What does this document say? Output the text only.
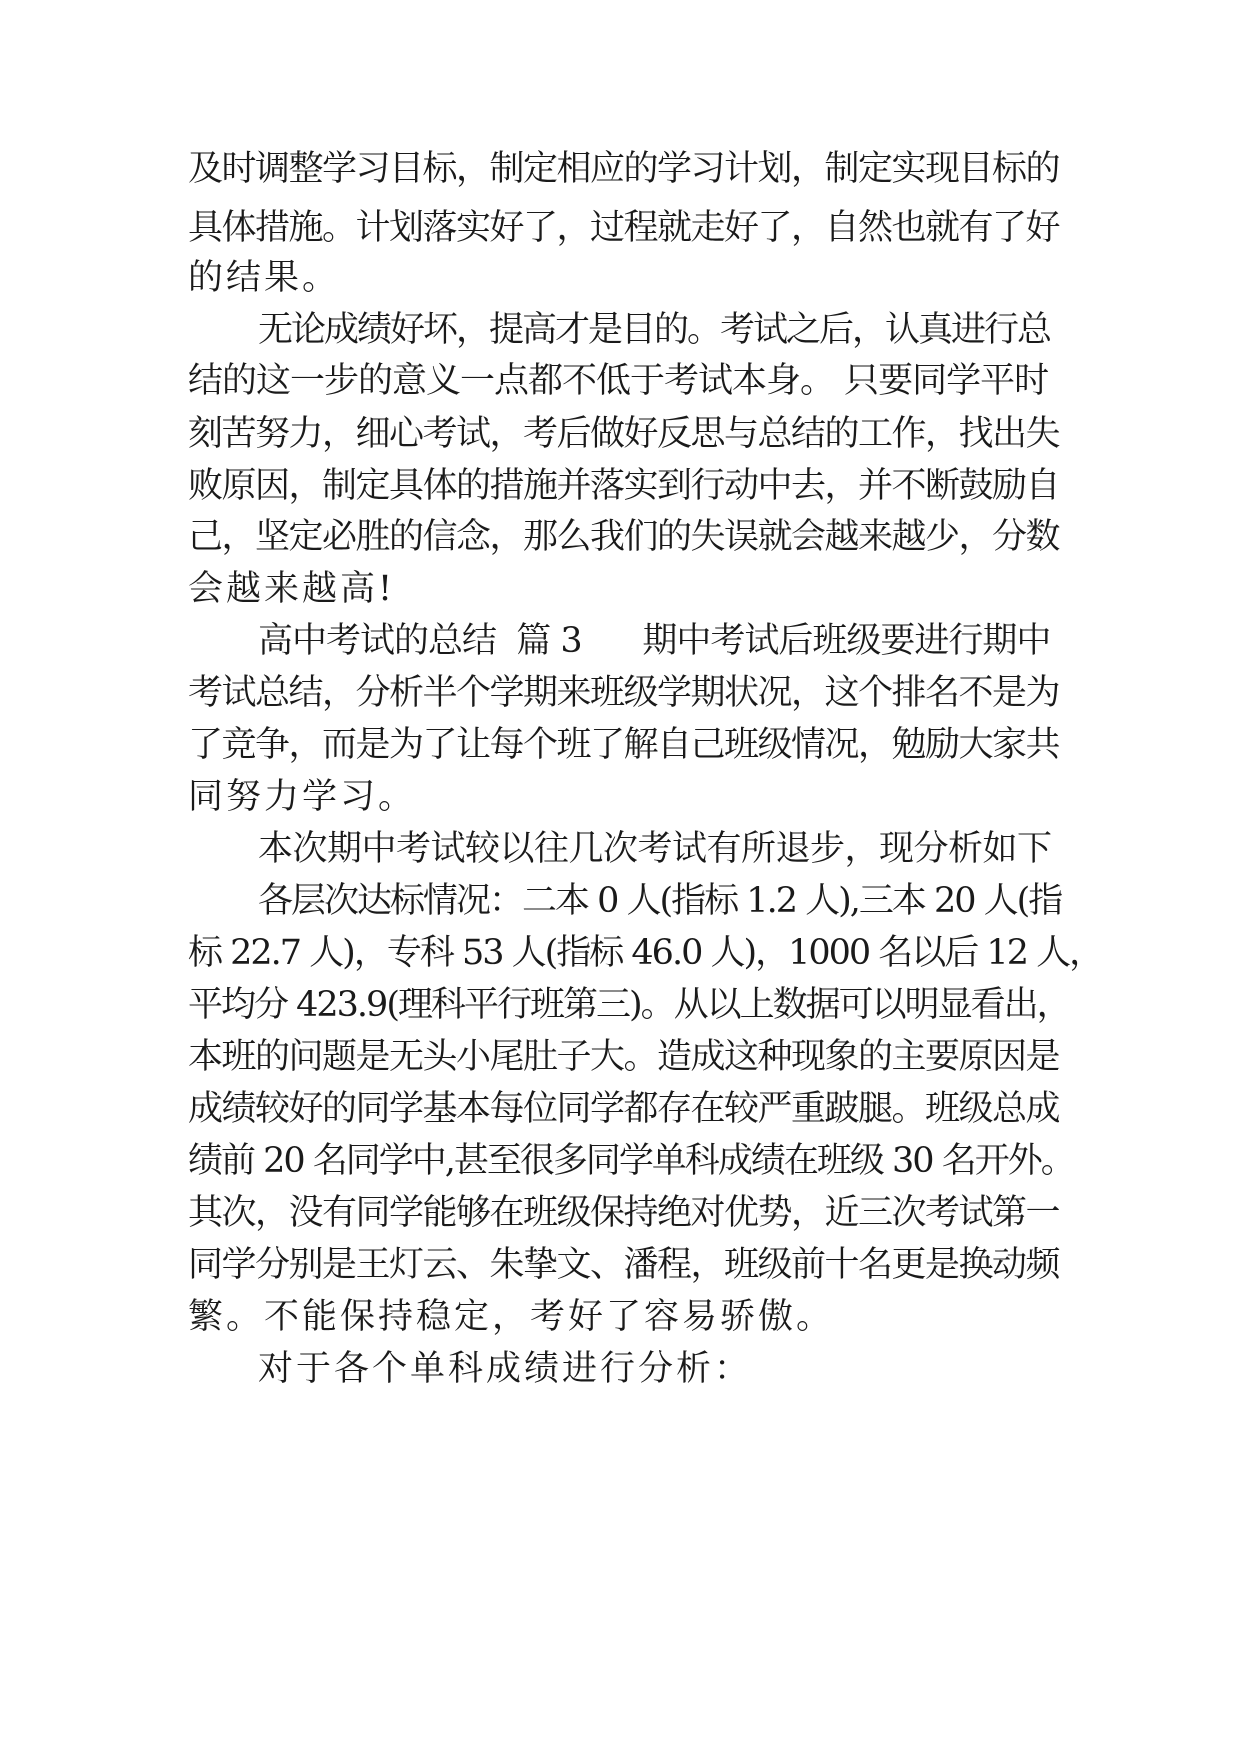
及时调整学习目标，制定相应的学习计划，制定实现目标的
具体措施。计划落实好了，过程就走好了，自然也就有了好
的结果。
无论成绩好坏，提高才是目的。考试之后，认真进行总
结的这一步的意义一点都不低于考试本身。 只要同学平时
刻苦努力，细心考试，考后做好反思与总结的工作，找出失
败原因，制定具体的措施并落实到行动中去，并不断鼓励自
己，坚定必胜的信念，那么我们的失误就会越来越少，分数
会越来越高!
高中考试的总结  篇 3      期中考试后班级要进行期中
考试总结，分析半个学期来班级学期状况，这个排名不是为
了竞争，而是为了让每个班了解自己班级情况，勉励大家共
同努力学习。
本次期中考试较以往几次考试有所退步，现分析如下
各层次达标情况：二本 0 人(指标 1.2 人),三本 20 人(指
标 22.7 人)，专科 53 人(指标 46.0 人)，1000 名以后 12 人，
平均分 423.9(理科平行班第三)。从以上数据可以明显看出，
本班的问题是无头小尾肚子大。造成这种现象的主要原因是
成绩较好的同学基本每位同学都存在较严重跛腿。班级总成
绩前 20 名同学中,甚至很多同学单科成绩在班级 30 名开外。
其次，没有同学能够在班级保持绝对优势，近三次考试第一
同学分别是王灯云、朱挚文、潘程，班级前十名更是换动频
繁。不能保持稳定，考好了容易骄傲。
对于各个单科成绩进行分析：
